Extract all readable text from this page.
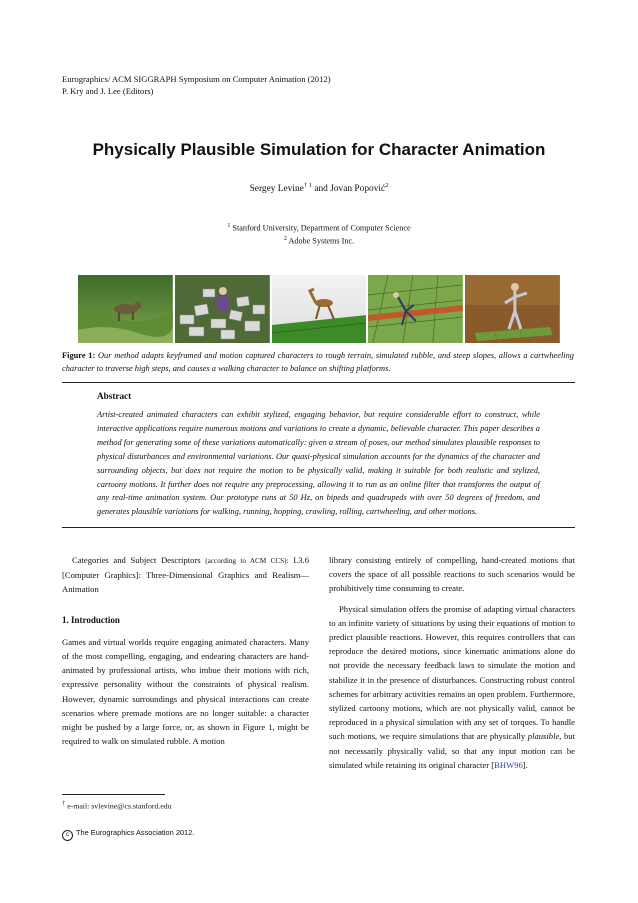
Eurographics/ ACM SIGGRAPH Symposium on Computer Animation (2012)
P. Kry and J. Lee (Editors)
Physically Plausible Simulation for Character Animation
Sergey Levine$^{\dagger 1}$ and Jovan Popović$^2$
$^1$ Stanford University, Department of Computer Science
$^2$ Adobe Systems Inc.
Figure 1: Our method adapts keyframed and motion captured characters to rough terrain, simulated rubble, and steep slopes, allows a cartwheeling character to traverse high steps, and causes a walking character to balance on shifting platforms.
Abstract
Artist-created animated characters can exhibit stylized, engaging behavior, but require considerable effort to construct, while interactive applications require numerous motions and variations to create a dynamic, believable character. This paper describes a method for generating some of these variations automatically: given a stream of poses, our method simulates plausible responses to physical disturbances and environmental variations. Our quasi-physical simulation accounts for the dynamics of the character and surrounding objects, but does not require the motion to be physically valid, making it suitable for both realistic and stylized, cartoony motions. It further does not require any preprocessing, allowing it to run as an online filter that transforms the output of any real-time animation system. Our prototype runs at 50 Hz, on bipeds and quadrupeds with over 50 degrees of freedom, and generates plausible variations for walking, running, hopping, crawling, rolling, cartwheeling, and other motions.

Categories and Subject Descriptors (according to ACM CCS): I.3.6 [Computer Graphics]: Three-Dimensional Graphics and Realism—Animation

1. Introduction

Games and virtual worlds require engaging animated characters. Many of the most compelling, engaging, and endearing characters are hand-animated by professional artists, who imbue their motions with rich, expressive personality without the constraints of physical realism. However, dynamic surroundings and physical interactions can create scenarios where premade motions are no longer suitable: a character might be pushed by a large force, or, as shown in Figure 1, might be required to walk on simulated rubble. A motion

library consisting entirely of compelling, hand-created motions that covers the space of all possible reactions to such scenarios would be prohibitively time consuming to create.

Physical simulation offers the promise of adapting virtual characters to an infinite variety of situations by using their equations of motion to predict plausible reactions. However, this requires controllers that can reproduce the desired motions, since kinematic animations alone do not provide the necessary feedback laws to simulate the motion and stabilize it in the presence of disturbances. Constructing robust control schemes for arbitrary activities remains an open problem. Furthermore, stylized cartoony motions, which are not physically valid, cannot be reproduced in a physical simulation with any set of torques. To handle such motions, we require simulations that are physically plausible, but not necessarily physically valid, so that any input motion can be simulated while retaining its original character [BHW96].

† e-mail: svlevine@cs.stanford.edu
c The Eurographics Association 2012.
